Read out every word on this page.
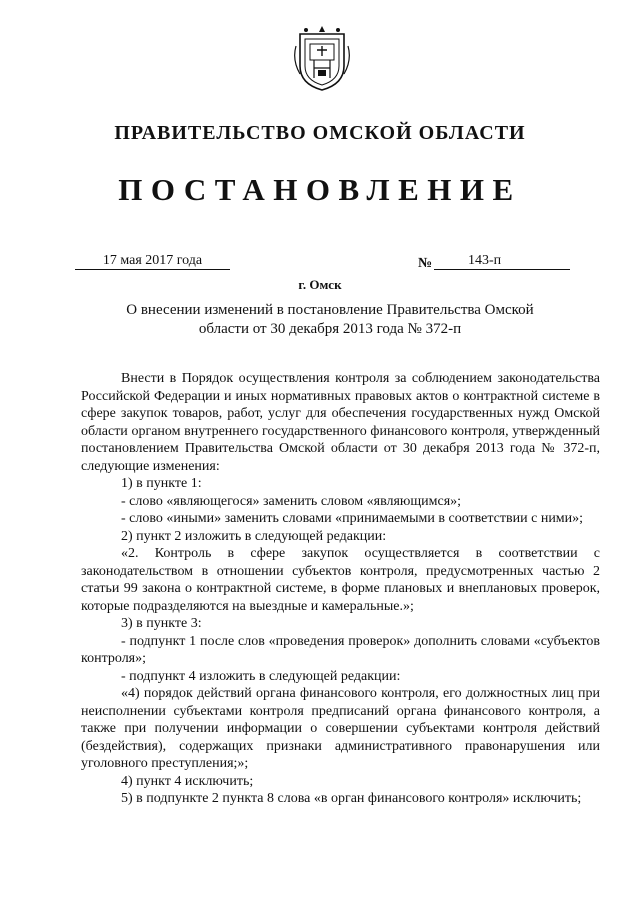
ПРАВИТЕЛЬСТВО ОМСКОЙ ОБЛАСТИ
ПОСТАНОВЛЕНИЕ
17 мая 2017 года	№	143-п
г. Омск
О внесении изменений в постановление Правительства Омской области от 30 декабря 2013 года № 372-п

Внести в Порядок осуществления контроля за соблюдением законодательства Российской Федерации и иных нормативных правовых актов о контрактной системе в сфере закупок товаров, работ, услуг для обеспечения государственных нужд Омской области органом внутреннего государственного финансового контроля, утвержденный постановлением Правительства Омской области от 30 декабря 2013 года № 372-п, следующие изменения:

1) в пункте 1:

- слово «являющегося» заменить словом «являющимся»;

- слово «иными» заменить словами «принимаемыми в соответствии с ними»;

2) пункт 2 изложить в следующей редакции:

«2. Контроль в сфере закупок осуществляется в соответствии с законодательством в отношении субъектов контроля, предусмотренных частью 2 статьи 99 закона о контрактной системе, в форме плановых и внеплановых проверок, которые подразделяются на выездные и камеральные.»;

3) в пункте 3:

- подпункт 1 после слов «проведения проверок» дополнить словами «субъектов контроля»;

- подпункт 4 изложить в следующей редакции:

«4) порядок действий органа финансового контроля, его должностных лиц при неисполнении субъектами контроля предписаний органа финансового контроля, а также при получении информации о совершении субъектами контроля действий (бездействия), содержащих признаки административного правонарушения или уголовного преступления;»;

4) пункт 4 исключить;

5) в подпункте 2 пункта 8 слова «в орган финансового контроля» исключить;
